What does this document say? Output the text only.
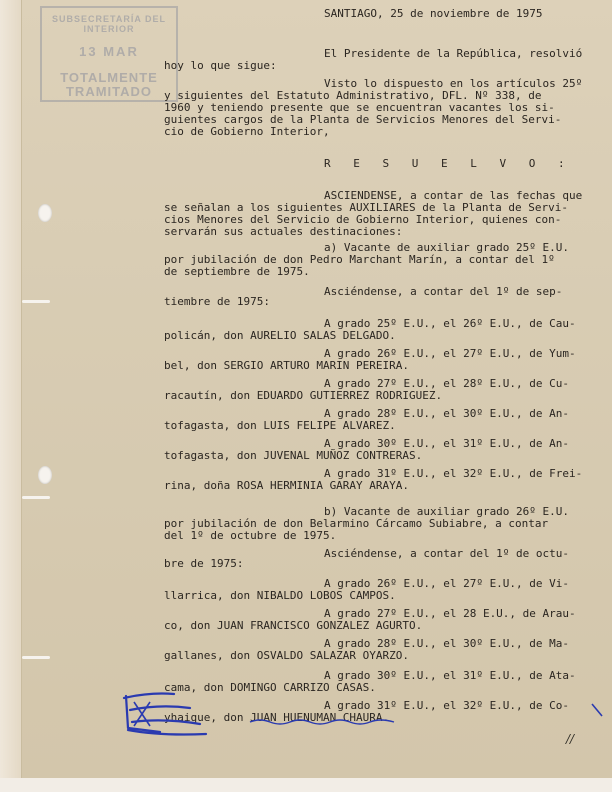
SUBSECRETARÍA DEL INTERIOR
13 MAR
TOTALMENTE
TRAMITADO
SANTIAGO, 25 de noviembre de 1975
El Presidente de la República, resolvió
hoy lo que sigue:
Visto lo dispuesto en los artículos 25º
y siguientes del Estatuto Administrativo, DFL. Nº 338, de
1960 y teniendo presente que se encuentran vacantes los si-
guientes cargos de la Planta de Servicios Menores del Servi-
cio de Gobierno Interior,
R E S U E L V O :
ASCIENDENSE, a contar de las fechas que
se señalan a los siguientes AUXILIARES de la Planta de Servi-
cios Menores del Servicio de Gobierno Interior, quienes con-
servarán sus actuales destinaciones:
a) Vacante de auxiliar grado 25º E.U.
por jubilación de don Pedro Marchant Marín, a contar del 1º
de septiembre de 1975.
Asciéndense, a contar del 1º de sep-
tiembre de 1975:
A grado 25º E.U., el 26º E.U., de Cau-
policán, don AURELIO SALAS DELGADO.
A grado 26º E.U., el 27º E.U., de Yum-
bel, don SERGIO ARTURO MARIN PEREIRA.
A grado 27º E.U., el 28º E.U., de Cu-
racautín, don EDUARDO GUTIERREZ RODRIGUEZ.
A grado 28º E.U., el 30º E.U., de An-
tofagasta, don LUIS FELIPE ALVAREZ.
A grado 30º E.U., el 31º E.U., de An-
tofagasta, don JUVENAL MUÑOZ CONTRERAS.
A grado 31º E.U., el 32º E.U., de Frei-
rina, doña ROSA HERMINIA GARAY ARAYA.
b) Vacante de auxiliar grado 26º E.U.
por jubilación de don Belarmino Cárcamo Subiabre, a contar
del 1º de octubre de 1975.
Asciéndense, a contar del 1º de octu-
bre de 1975:
A grado 26º E.U., el 27º E.U., de Vi-
llarrica, don NIBALDO LOBOS CAMPOS.
A grado 27º E.U., el 28 E.U., de Arau-
co, don JUAN FRANCISCO GONZALEZ AGURTO.
A grado 28º E.U., el 30º E.U., de Ma-
gallanes, don OSVALDO SALAZAR OYARZO.
A grado 30º E.U., el 31º E.U., de Ata-
cama, don DOMINGO CARRIZO CASAS.
A grado 31º E.U., el 32º E.U., de Co-
yhaique, don JUAN HUENUMAN CHAURA.
//
